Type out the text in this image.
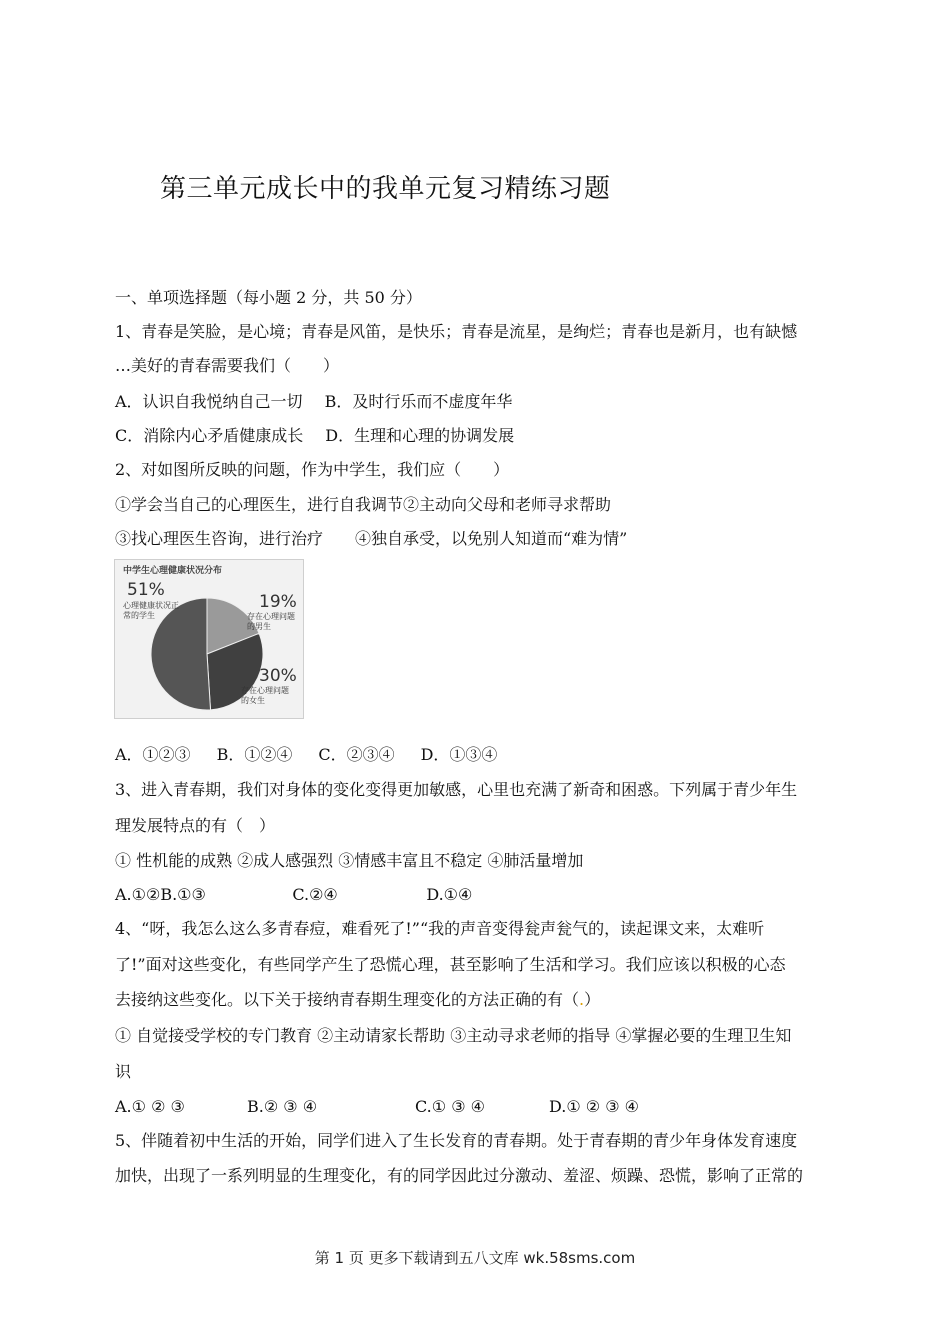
第三单元成长中的我单元复习精练习题
一、单项选择题（每小题 2 分，共 50 分）
1、青春是笑脸，是心境；青春是风笛，是快乐；青春是流星，是绚烂；青春也是新月，也有缺憾
…美好的青春需要我们（　　）
A．认识自我悦纳自己一切 B．及时行乐而不虚度年华
C．消除内心矛盾健康成长 D．生理和心理的协调发展
2、对如图所反映的问题，作为中学生，我们应（　　）
①学会当自己的心理医生，进行自我调节②主动向父母和老师寻求帮助
③找心理医生咨询，进行治疗　　④独自承受，以免别人知道而“难为情”
中学生心理健康状况分布
51%
心理健康状况正常的学生
19%
存在心理问题的男生
30%
存在心理问题的女生
A．①②③ B．①②④ C．②③④ D．①③④
3、进入青春期，我们对身体的变化变得更加敏感，心里也充满了新奇和困惑。下列属于青少年生
理发展特点的有（　）
① 性机能的成熟 ②成人感强烈 ③情感丰富且不稳定 ④肺活量增加
A.①②B.①③	C.②④	D.①④
4、“呀，我怎么这么多青春痘，难看死了!”“我的声音变得瓮声瓮气的，读起课文来，太难听
了!”面对这些变化，有些同学产生了恐慌心理，甚至影响了生活和学习。我们应该以积极的心态
去接纳这些变化。以下关于接纳青春期生理变化的方法正确的有（.）
① 自觉接受学校的专门教育 ②主动请家长帮助 ③主动寻求老师的指导 ④掌握必要的生理卫生知
识
A.① ② ③	B.② ③ ④	C.① ③ ④	D.① ② ③ ④
5、伴随着初中生活的开始，同学们进入了生长发育的青春期。处于青春期的青少年身体发育速度
加快，出现了一系列明显的生理变化，有的同学因此过分激动、羞涩、烦躁、恐慌，影响了正常的
第 1 页 更多下载请到五八文库 wk.58sms.com
